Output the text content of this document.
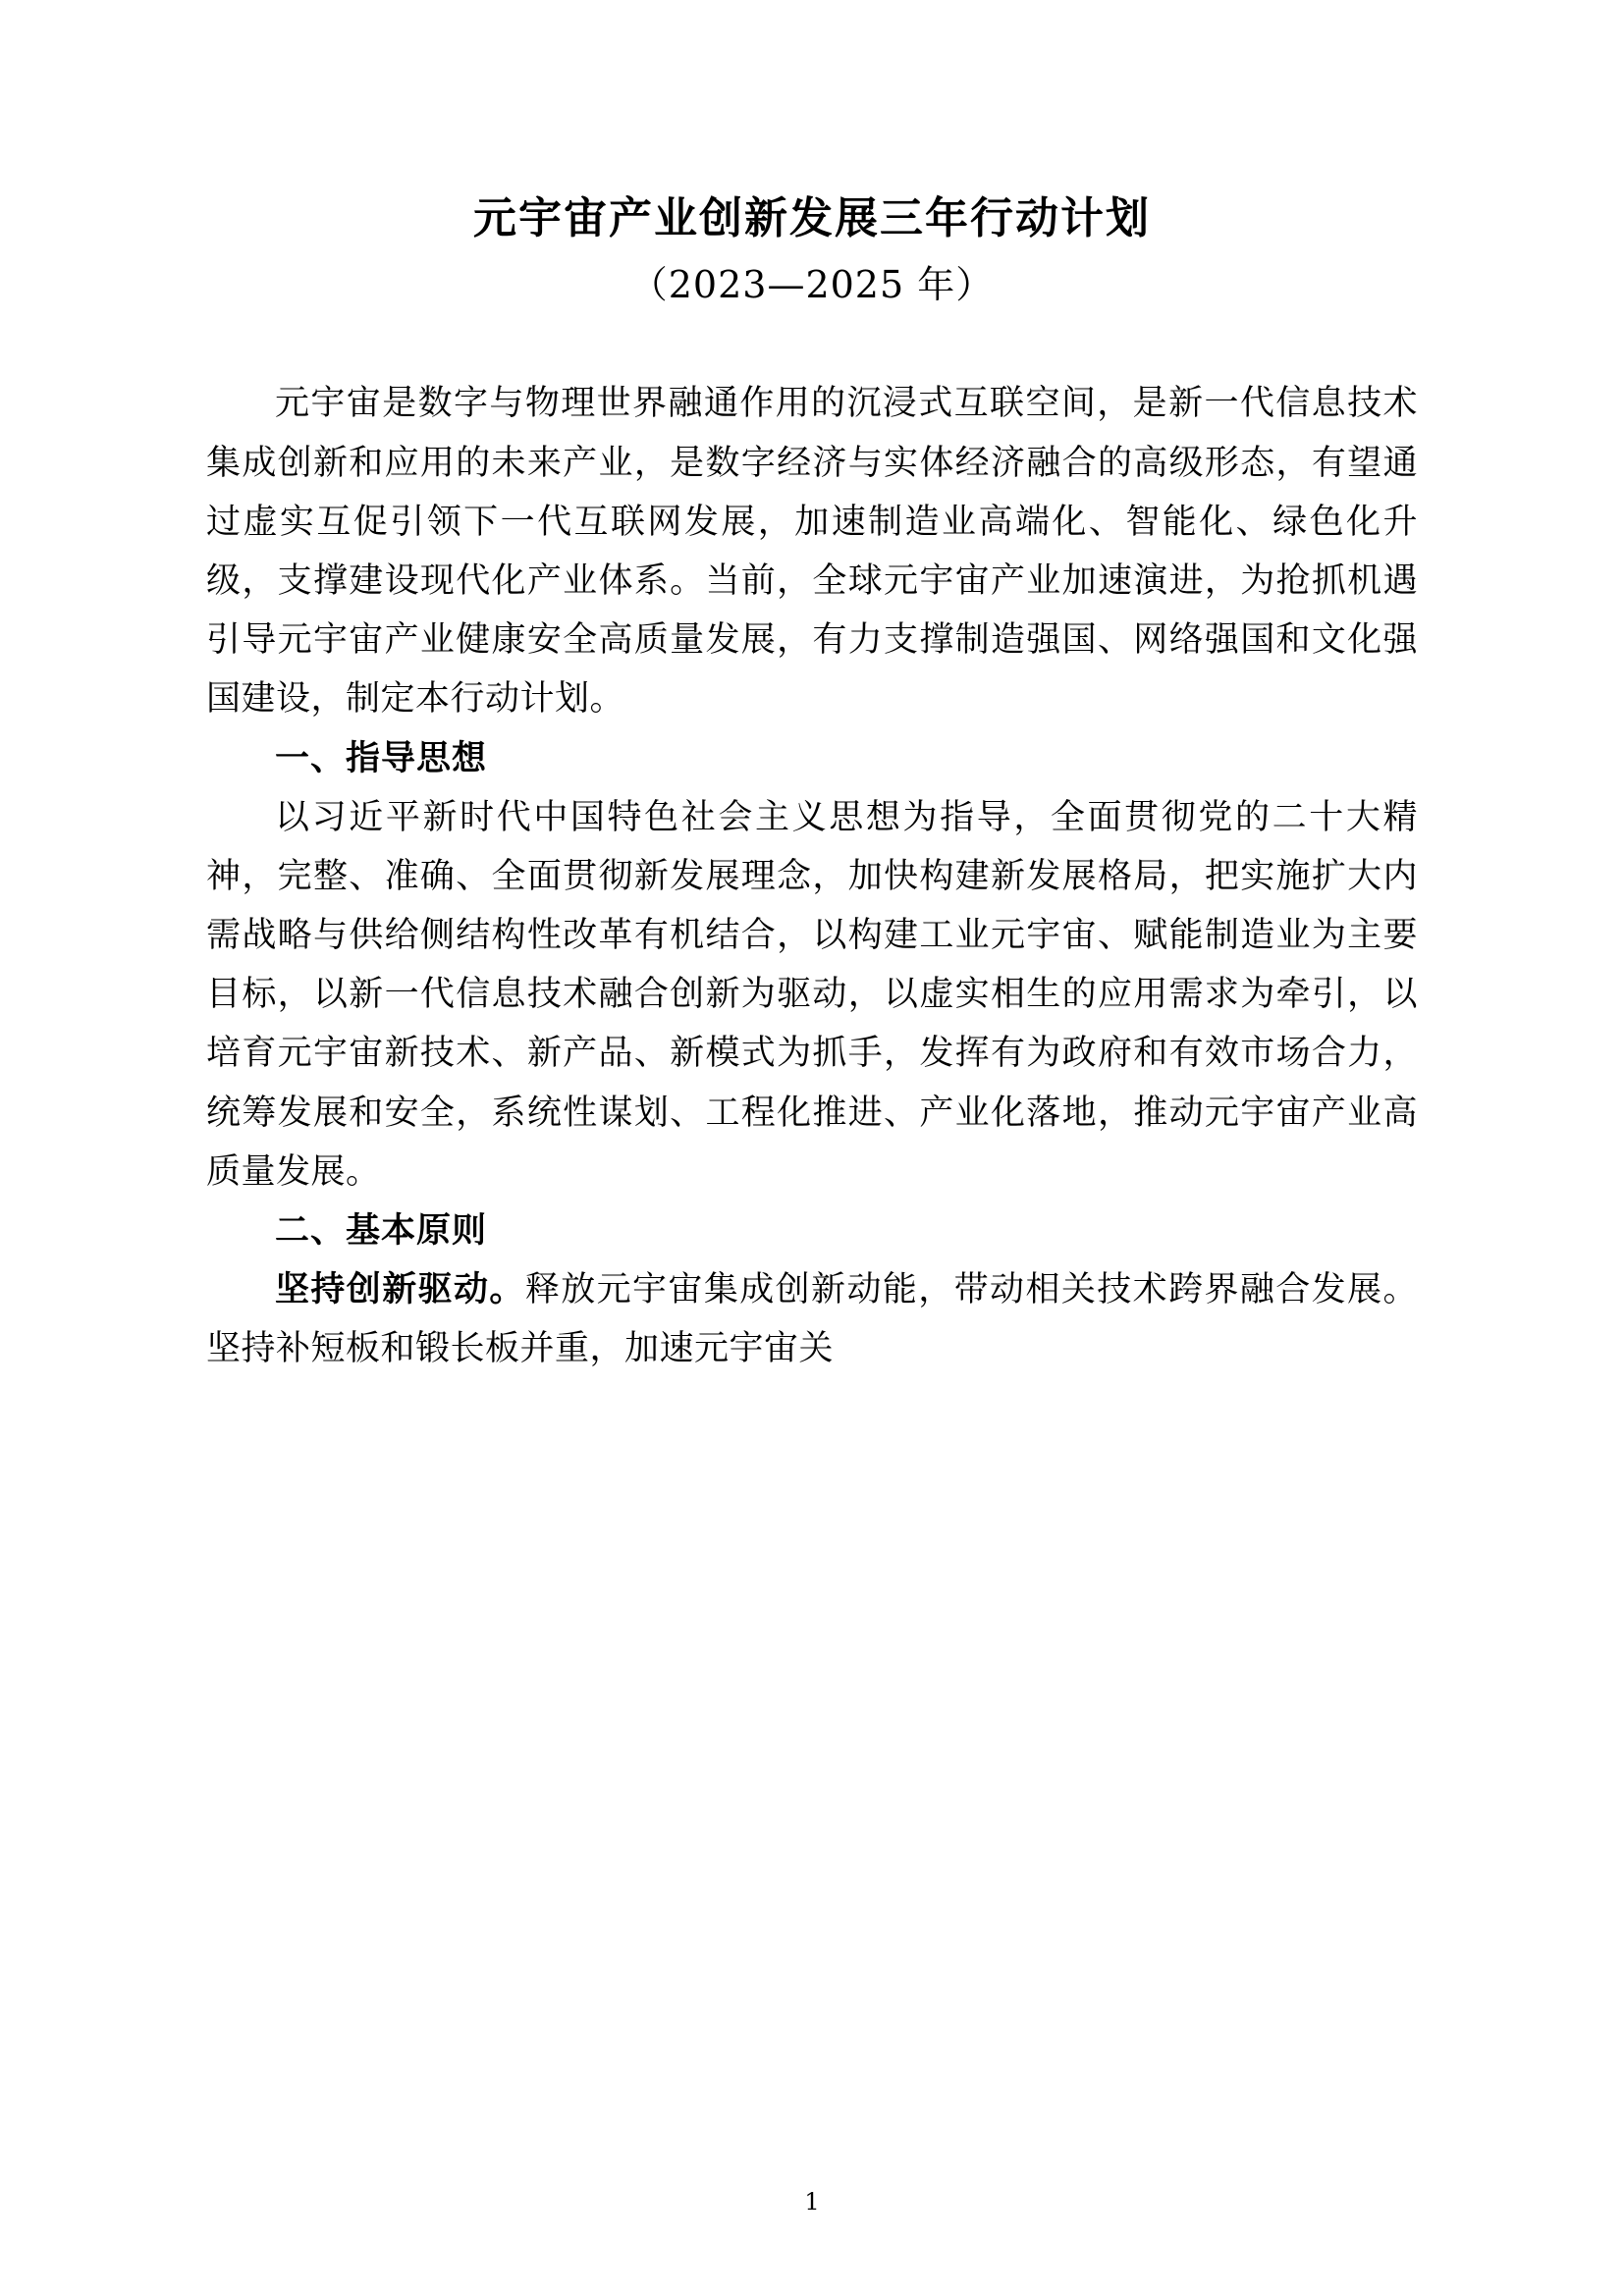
元宇宙产业创新发展三年行动计划
（2023—2025 年）

元宇宙是数字与物理世界融通作用的沉浸式互联空间，是新一代信息技术集成创新和应用的未来产业，是数字经济与实体经济融合的高级形态，有望通过虚实互促引领下一代互联网发展，加速制造业高端化、智能化、绿色化升级，支撑建设现代化产业体系。当前，全球元宇宙产业加速演进，为抢抓机遇引导元宇宙产业健康安全高质量发展，有力支撑制造强国、网络强国和文化强国建设，制定本行动计划。

一、指导思想

以习近平新时代中国特色社会主义思想为指导，全面贯彻党的二十大精神，完整、准确、全面贯彻新发展理念，加快构建新发展格局，把实施扩大内需战略与供给侧结构性改革有机结合，以构建工业元宇宙、赋能制造业为主要目标，以新一代信息技术融合创新为驱动，以虚实相生的应用需求为牵引，以培育元宇宙新技术、新产品、新模式为抓手，发挥有为政府和有效市场合力，统筹发展和安全，系统性谋划、工程化推进、产业化落地，推动元宇宙产业高质量发展。

二、基本原则

坚持创新驱动。释放元宇宙集成创新动能，带动相关技术跨界融合发展。坚持补短板和锻长板并重，加速元宇宙关

1
